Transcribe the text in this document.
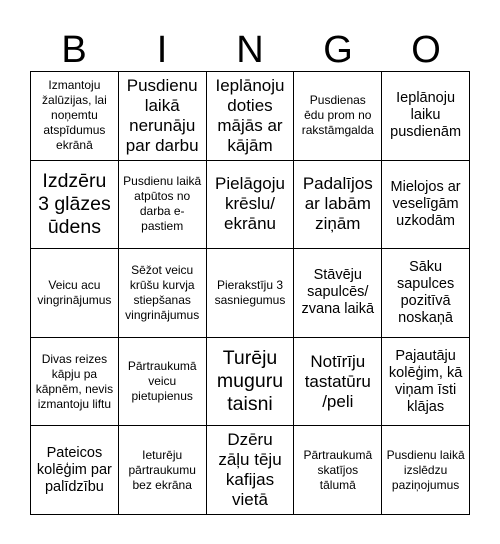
B	I	N	G	O
Izmantoju žalūzijas, lai noņemtu atspīdumus ekrānā
Pusdienu laikā nerunāju par darbu
Ieplānoju doties mājās ar kājām
Pusdienas ēdu prom no rakstāmgalda
Ieplānoju laiku pusdienām
Izdzēru 3 glāzes ūdens
Pusdienu laikā atpūtos no darba e-pastiem
Pielāgoju krēslu/ ekrānu
Padalījos ar labām ziņām
Mielojos ar veselīgām uzkodām
Veicu acu vingrinājumus
Sēžot veicu krūšu kurvja stiepšanas vingrinājumus
Pierakstīju 3 sasniegumus
Stāvēju sapulcēs/ zvana laikā
Sāku sapulces pozitīvā noskaņā
Divas reizes kāpju pa kāpnēm, nevis izmantoju liftu
Pārtraukumā veicu pietupienus
Turēju muguru taisni
Notīrīju tastatūru /peli
Pajautāju kolēģim, kā viņam īsti klājas
Pateicos kolēģim par palīdzību
Ieturēju pārtraukumu bez ekrāna
Dzēru zāļu tēju kafijas vietā
Pārtraukumā skatījos tālumā
Pusdienu laikā izslēdzu paziņojumus
